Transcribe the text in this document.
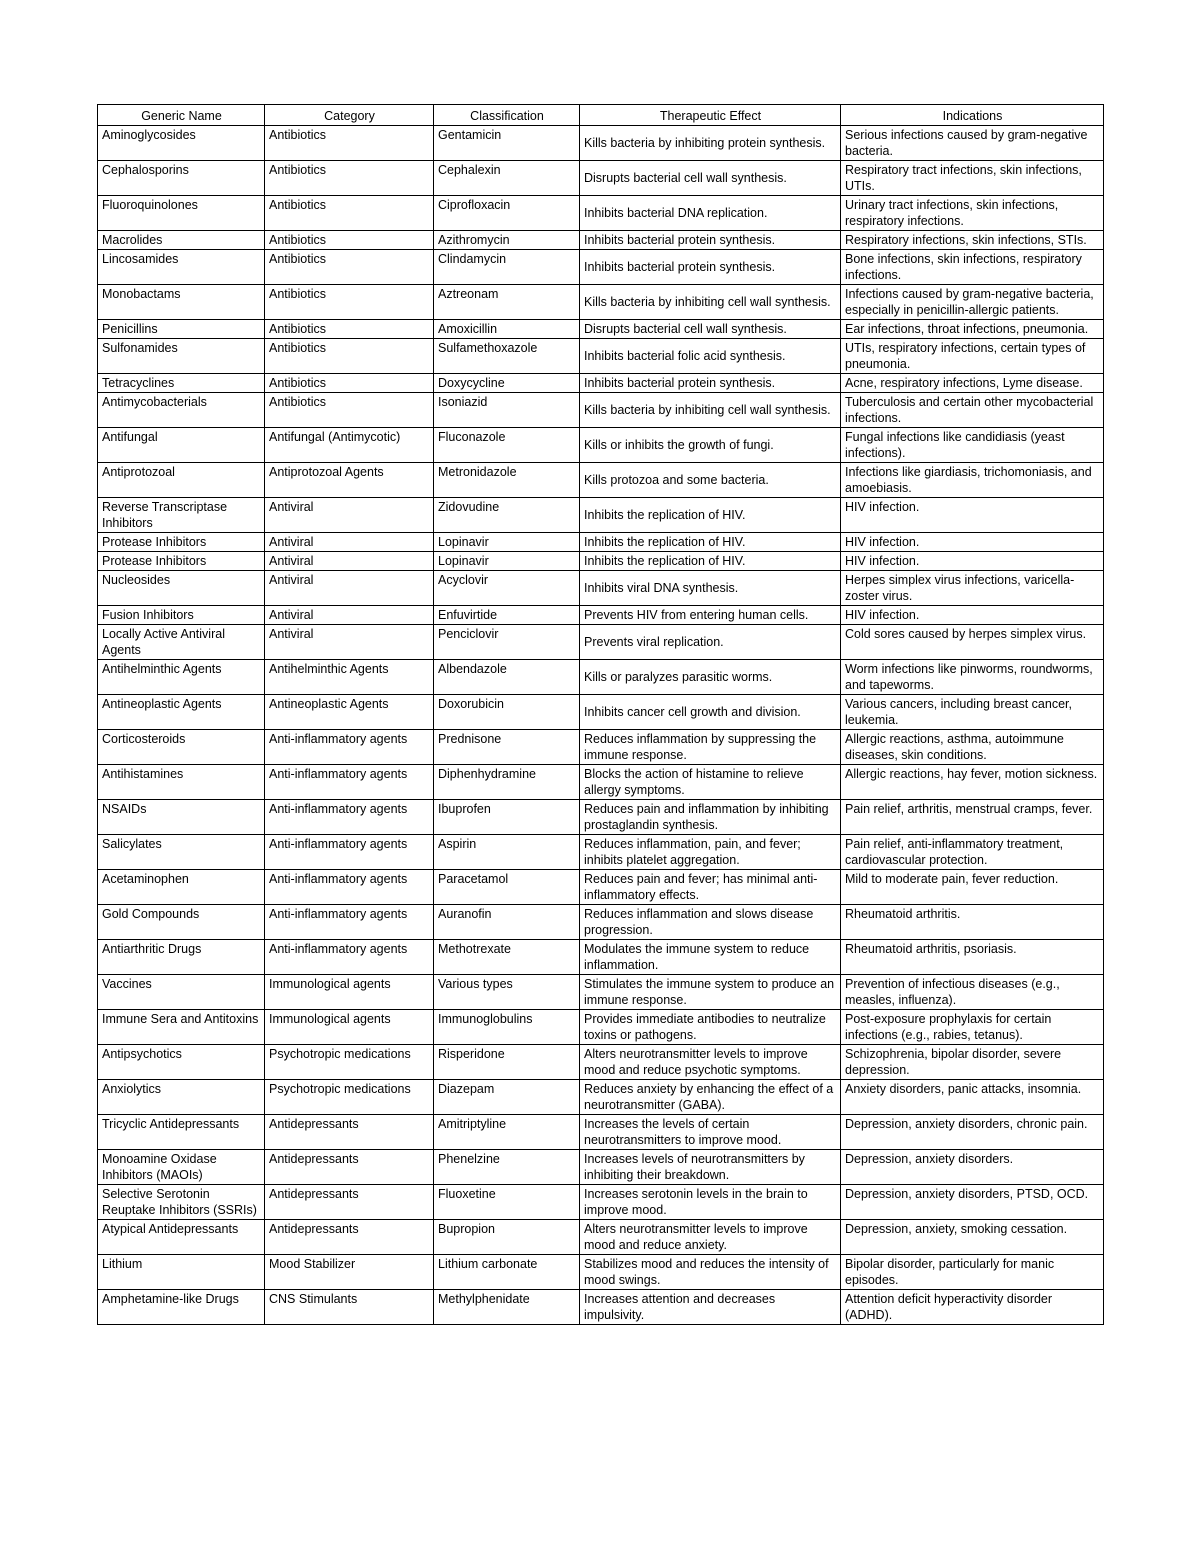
Generic Name	Category	Classification	Therapeutic Effect	Indications
Aminoglycosides	Antibiotics	Gentamicin	Kills bacteria by inhibiting protein synthesis.	Serious infections caused by gram-negative bacteria.
Cephalosporins	Antibiotics	Cephalexin	Disrupts bacterial cell wall synthesis.	Respiratory tract infections, skin infections, UTIs.
Fluoroquinolones	Antibiotics	Ciprofloxacin	Inhibits bacterial DNA replication.	Urinary tract infections, skin infections, respiratory infections.
Macrolides	Antibiotics	Azithromycin	Inhibits bacterial protein synthesis.	Respiratory infections, skin infections, STIs.
Lincosamides	Antibiotics	Clindamycin	Inhibits bacterial protein synthesis.	Bone infections, skin infections, respiratory infections.
Monobactams	Antibiotics	Aztreonam	Kills bacteria by inhibiting cell wall synthesis.	Infections caused by gram-negative bacteria, especially in penicillin-allergic patients.
Penicillins	Antibiotics	Amoxicillin	Disrupts bacterial cell wall synthesis.	Ear infections, throat infections, pneumonia.
Sulfonamides	Antibiotics	Sulfamethoxazole	Inhibits bacterial folic acid synthesis.	UTIs, respiratory infections, certain types of pneumonia.
Tetracyclines	Antibiotics	Doxycycline	Inhibits bacterial protein synthesis.	Acne, respiratory infections, Lyme disease.
Antimycobacterials	Antibiotics	Isoniazid	Kills bacteria by inhibiting cell wall synthesis.	Tuberculosis and certain other mycobacterial infections.
Antifungal	Antifungal (Antimycotic)	Fluconazole	Kills or inhibits the growth of fungi.	Fungal infections like candidiasis (yeast infections).
Antiprotozoal	Antiprotozoal Agents	Metronidazole	Kills protozoa and some bacteria.	Infections like giardiasis, trichomoniasis, and amoebiasis.
Reverse Transcriptase Inhibitors	Antiviral	Zidovudine	Inhibits the replication of HIV.	HIV infection.
Protease Inhibitors	Antiviral	Lopinavir	Inhibits the replication of HIV.	HIV infection.
Protease Inhibitors	Antiviral	Lopinavir	Inhibits the replication of HIV.	HIV infection.
Nucleosides	Antiviral	Acyclovir	Inhibits viral DNA synthesis.	Herpes simplex virus infections, varicella-zoster virus.
Fusion Inhibitors	Antiviral	Enfuvirtide	Prevents HIV from entering human cells.	HIV infection.
Locally Active Antiviral Agents	Antiviral	Penciclovir	Prevents viral replication.	Cold sores caused by herpes simplex virus.
Antihelminthic Agents	Antihelminthic Agents	Albendazole	Kills or paralyzes parasitic worms.	Worm infections like pinworms, roundworms, and tapeworms.
Antineoplastic Agents	Antineoplastic Agents	Doxorubicin	Inhibits cancer cell growth and division.	Various cancers, including breast cancer, leukemia.
Corticosteroids	Anti-inflammatory agents	Prednisone	Reduces inflammation by suppressing the immune response.	Allergic reactions, asthma, autoimmune diseases, skin conditions.
Antihistamines	Anti-inflammatory agents	Diphenhydramine	Blocks the action of histamine to relieve allergy symptoms.	Allergic reactions, hay fever, motion sickness.
NSAIDs	Anti-inflammatory agents	Ibuprofen	Reduces pain and inflammation by inhibiting prostaglandin synthesis.	Pain relief, arthritis, menstrual cramps, fever.
Salicylates	Anti-inflammatory agents	Aspirin	Reduces inflammation, pain, and fever; inhibits platelet aggregation.	Pain relief, anti-inflammatory treatment, cardiovascular protection.
Acetaminophen	Anti-inflammatory agents	Paracetamol	Reduces pain and fever; has minimal anti-inflammatory effects.	Mild to moderate pain, fever reduction.
Gold Compounds	Anti-inflammatory agents	Auranofin	Reduces inflammation and slows disease progression.	Rheumatoid arthritis.
Antiarthritic Drugs	Anti-inflammatory agents	Methotrexate	Modulates the immune system to reduce inflammation.	Rheumatoid arthritis, psoriasis.
Vaccines	Immunological agents	Various types	Stimulates the immune system to produce an immune response.	Prevention of infectious diseases (e.g., measles, influenza).
Immune Sera and Antitoxins	Immunological agents	Immunoglobulins	Provides immediate antibodies to neutralize toxins or pathogens.	Post-exposure prophylaxis for certain infections (e.g., rabies, tetanus).
Antipsychotics	Psychotropic medications	Risperidone	Alters neurotransmitter levels to improve mood and reduce psychotic symptoms.	Schizophrenia, bipolar disorder, severe depression.
Anxiolytics	Psychotropic medications	Diazepam	Reduces anxiety by enhancing the effect of a neurotransmitter (GABA).	Anxiety disorders, panic attacks, insomnia.
Tricyclic Antidepressants	Antidepressants	Amitriptyline	Increases the levels of certain neurotransmitters to improve mood.	Depression, anxiety disorders, chronic pain.
Monoamine Oxidase Inhibitors (MAOIs)	Antidepressants	Phenelzine	Increases levels of neurotransmitters by inhibiting their breakdown.	Depression, anxiety disorders.
Selective Serotonin Reuptake Inhibitors (SSRIs)	Antidepressants	Fluoxetine	Increases serotonin levels in the brain to improve mood.	Depression, anxiety disorders, PTSD, OCD.
Atypical Antidepressants	Antidepressants	Bupropion	Alters neurotransmitter levels to improve mood and reduce anxiety.	Depression, anxiety, smoking cessation.
Lithium	Mood Stabilizer	Lithium carbonate	Stabilizes mood and reduces the intensity of mood swings.	Bipolar disorder, particularly for manic episodes.
Amphetamine-like Drugs	CNS Stimulants	Methylphenidate	Increases attention and decreases impulsivity.	Attention deficit hyperactivity disorder (ADHD).
